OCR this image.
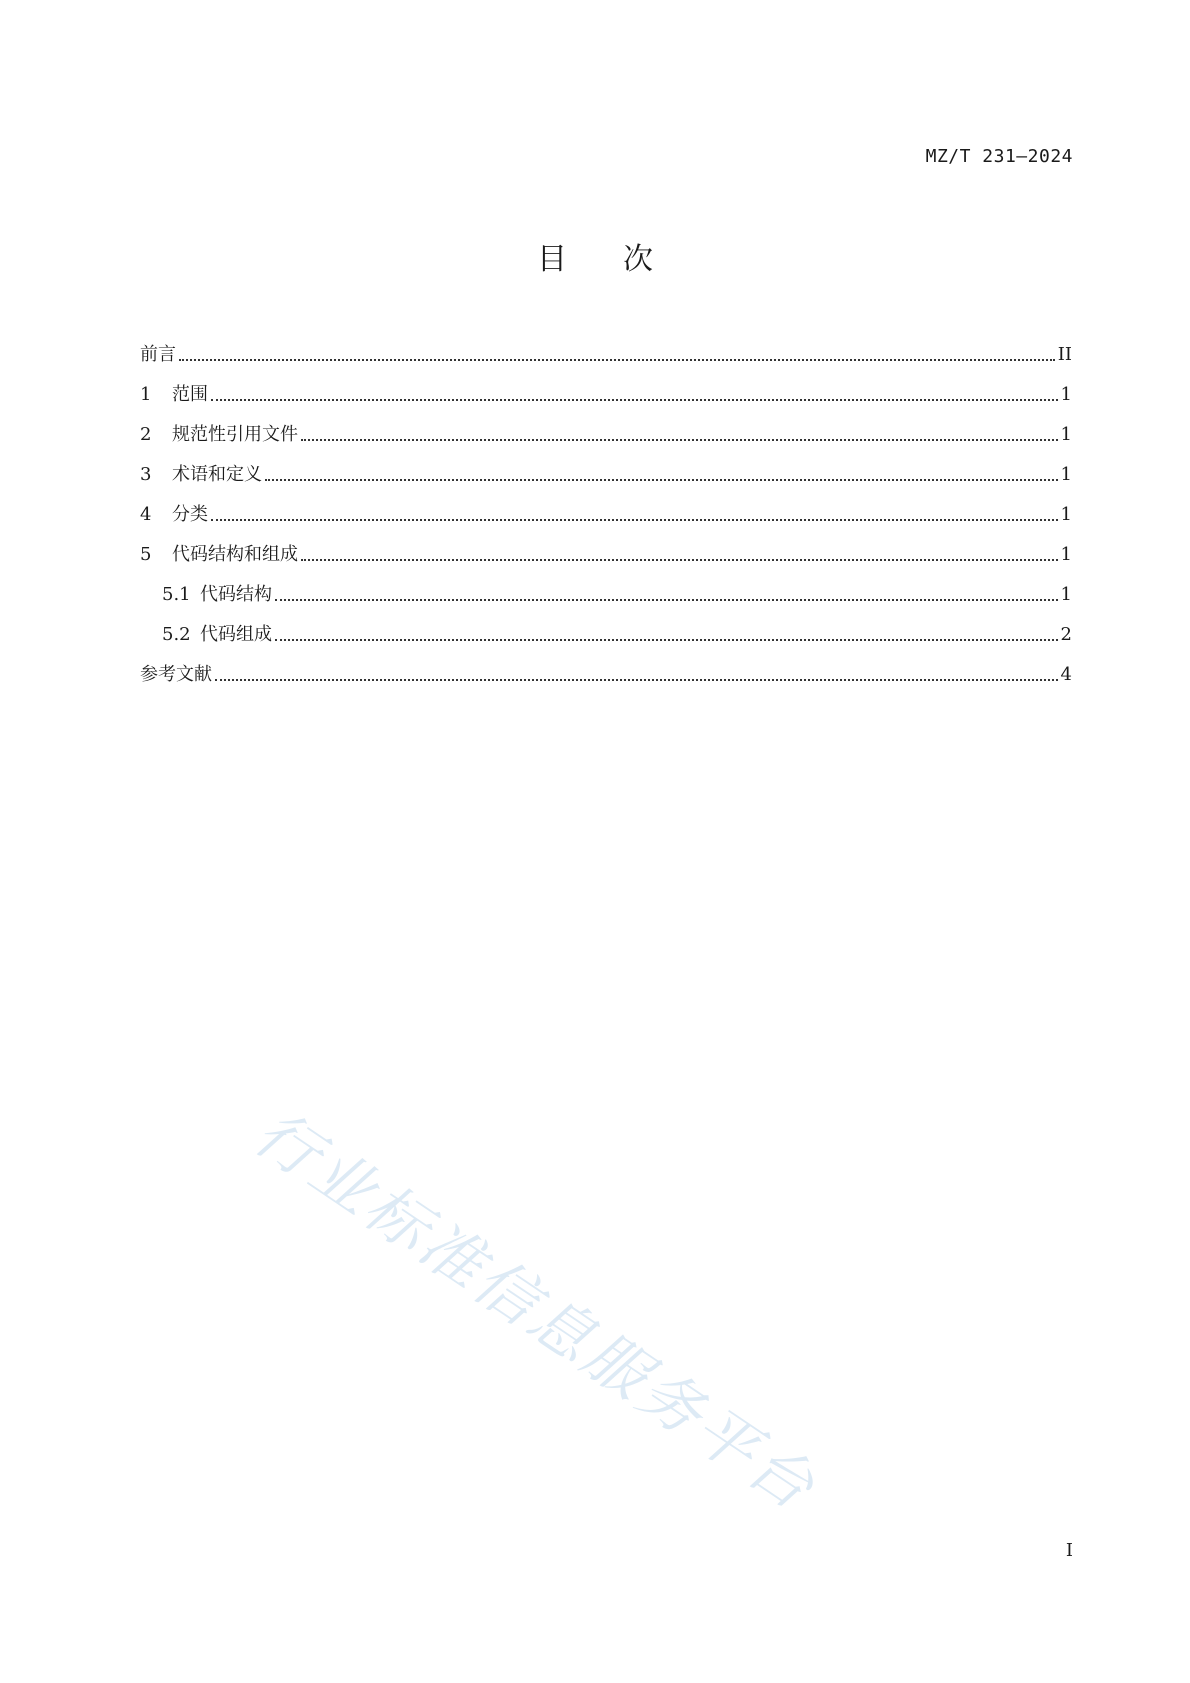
MZ/T 231—2024
目次
前言	II
1	范围	1
2	规范性引用文件	1
3	术语和定义	1
4	分类	1
5	代码结构和组成	1
5.1 代码结构	1
5.2 代码组成	2
参考文献	4
行业标准信息服务平台
I
